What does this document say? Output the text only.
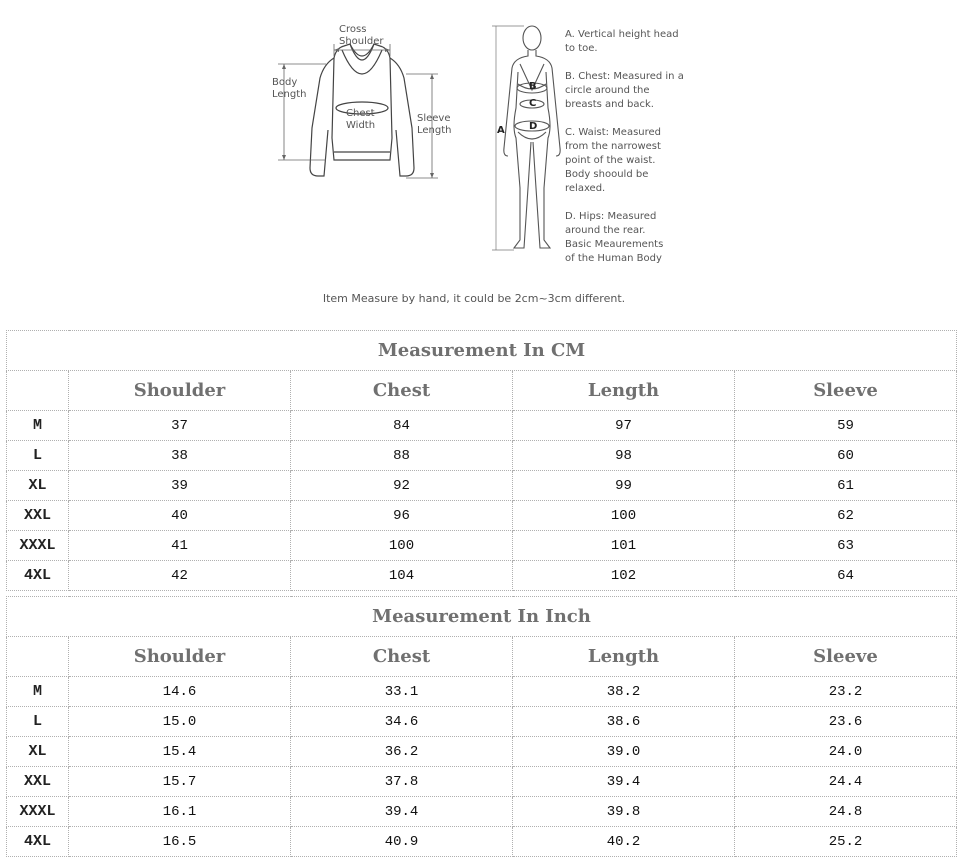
Cross
Shoulder
Body
Length
Chest
Width
Sleeve
Length	A
B
C
D
A. Vertical height head
to toe.
B. Chest: Measured in a
circle around the
breasts and back.
C. Waist: Measured
from the narrowest
point of the waist.
Body shoould be
relaxed.
D. Hips: Measured
around the rear.
Basic Meaurements
of the Human Body
Item Measure by hand, it could be 2cm~3cm different.
Measurement In CM				
	Shoulder	Chest	Length	Sleeve
M	37	84	97	59
L	38	88	98	60
XL	39	92	99	61
XXL	40	96	100	62
XXXL	41	100	101	63
4XL	42	104	102	64
Measurement In Inch				
	Shoulder	Chest	Length	Sleeve
M	14.6	33.1	38.2	23.2
L	15.0	34.6	38.6	23.6
XL	15.4	36.2	39.0	24.0
XXL	15.7	37.8	39.4	24.4
XXXL	16.1	39.4	39.8	24.8
4XL	16.5	40.9	40.2	25.2
